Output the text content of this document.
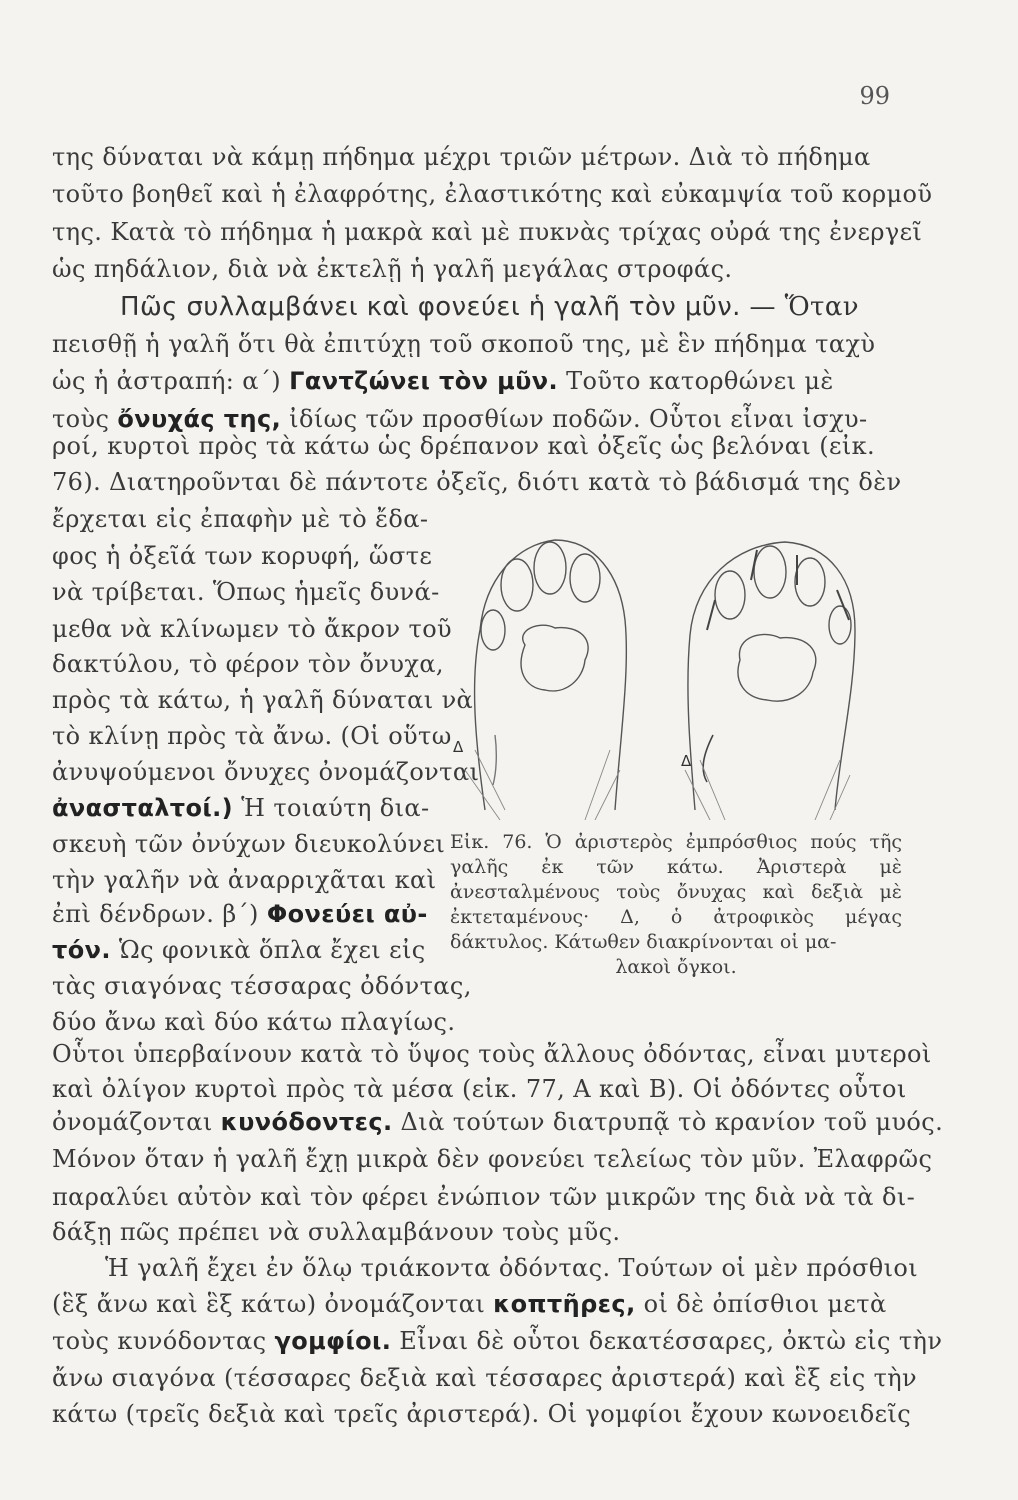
99
της δύναται νὰ κάμῃ πήδημα μέχρι τριῶν μέτρων. Διὰ τὸ πήδημα
τοῦτο βοηθεῖ καὶ ἡ ἐλαφρότης, ἐλαστικότης καὶ εὐκαμψία τοῦ κορμοῦ
της. Κατὰ τὸ πήδημα ἡ μακρὰ καὶ μὲ πυκνὰς τρίχας οὐρά της ἐνεργεῖ
ὡς πηδάλιον, διὰ νὰ ἐκτελῇ ἡ γαλῆ μεγάλας στροφάς.
Πῶς συλλαμβάνει καὶ φονεύει ἡ γαλῆ τὸν μῦν. — Ὅταν
πεισθῇ ἡ γαλῆ ὅτι θὰ ἐπιτύχῃ τοῦ σκοποῦ της, μὲ ἓν πήδημα ταχὺ
ὡς ἡ ἀστραπή: α΄) Γαντζώνει τὸν μῦν. Τοῦτο κατορθώνει μὲ
τοὺς ὄνυχάς της, ἰδίως τῶν προσθίων ποδῶν. Οὗτοι εἶναι ἰσχυ-
ροί, κυρτοὶ πρὸς τὰ κάτω ὡς δρέπανον καὶ ὀξεῖς ὡς βελόναι (εἰκ.
76). Διατηροῦνται δὲ πάντοτε ὀξεῖς, διότι κατὰ τὸ βάδισμά της δὲν
ἔρχεται εἰς ἐπαφὴν μὲ τὸ ἔδα-
φος ἡ ὀξεῖά των κορυφή, ὥστε
νὰ τρίβεται. Ὅπως ἡμεῖς δυνά-
μεθα νὰ κλίνωμεν τὸ ἄκρον τοῦ
δακτύλου, τὸ φέρον τὸν ὄνυχα,
πρὸς τὰ κάτω, ἡ γαλῆ δύναται νὰ
τὸ κλίνῃ πρὸς τὰ ἄνω. (Οἱ οὕτω
ἀνυψούμενοι ὄνυχες ὀνομάζονται
ἀνασταλτοί.) Ἡ τοιαύτη δια-
σκευὴ τῶν ὀνύχων διευκολύνει
τὴν γαλῆν νὰ ἀναρριχᾶται καὶ
ἐπὶ δένδρων. β΄) Φονεύει αὐ-
τόν. Ὡς φονικὰ ὅπλα ἔχει εἰς
τὰς σιαγόνας τέσσαρας ὀδόντας,
δύο ἄνω καὶ δύο κάτω πλαγίως.
Δ
Δ
Εἰκ. 76. Ὁ ἀριστερὸς ἐμπρόσθιος πούς τῆς γαλῆς ἐκ τῶν κάτω. Ἀριστερὰ μὲ ἀνεσταλμένους τοὺς ὄνυχας καὶ δεξιὰ μὲ ἐκτεταμένους· Δ, ὁ ἀτροφικὸς μέγας δάκτυλος. Κάτωθεν διακρίνονται οἱ μα-
λακοὶ ὄγκοι.
Οὗτοι ὑπερβαίνουν κατὰ τὸ ὕψος τοὺς ἄλλους ὀδόντας, εἶναι μυτεροὶ
καὶ ὀλίγον κυρτοὶ πρὸς τὰ μέσα (εἰκ. 77, Α καὶ Β). Οἱ ὀδόντες οὗτοι
ὀνομάζονται κυνόδοντες. Διὰ τούτων διατρυπᾷ τὸ κρανίον τοῦ μυός.
Μόνον ὅταν ἡ γαλῆ ἔχῃ μικρὰ δὲν φονεύει τελείως τὸν μῦν. Ἐλαφρῶς
παραλύει αὐτὸν καὶ τὸν φέρει ἐνώπιον τῶν μικρῶν της διὰ νὰ τὰ δι-
δάξῃ πῶς πρέπει νὰ συλλαμβάνουν τοὺς μῦς.
Ἡ γαλῆ ἔχει ἐν ὅλῳ τριάκοντα ὀδόντας. Τούτων οἱ μὲν πρόσθιοι
(ἓξ ἄνω καὶ ἓξ κάτω) ὀνομάζονται κοπτῆρες, οἱ δὲ ὀπίσθιοι μετὰ
τοὺς κυνόδοντας γομφίοι. Εἶναι δὲ οὗτοι δεκατέσσαρες, ὀκτὼ εἰς τὴν
ἄνω σιαγόνα (τέσσαρες δεξιὰ καὶ τέσσαρες ἀριστερά) καὶ ἓξ εἰς τὴν
κάτω (τρεῖς δεξιὰ καὶ τρεῖς ἀριστερά). Οἱ γομφίοι ἔχουν κωνοειδεῖς
